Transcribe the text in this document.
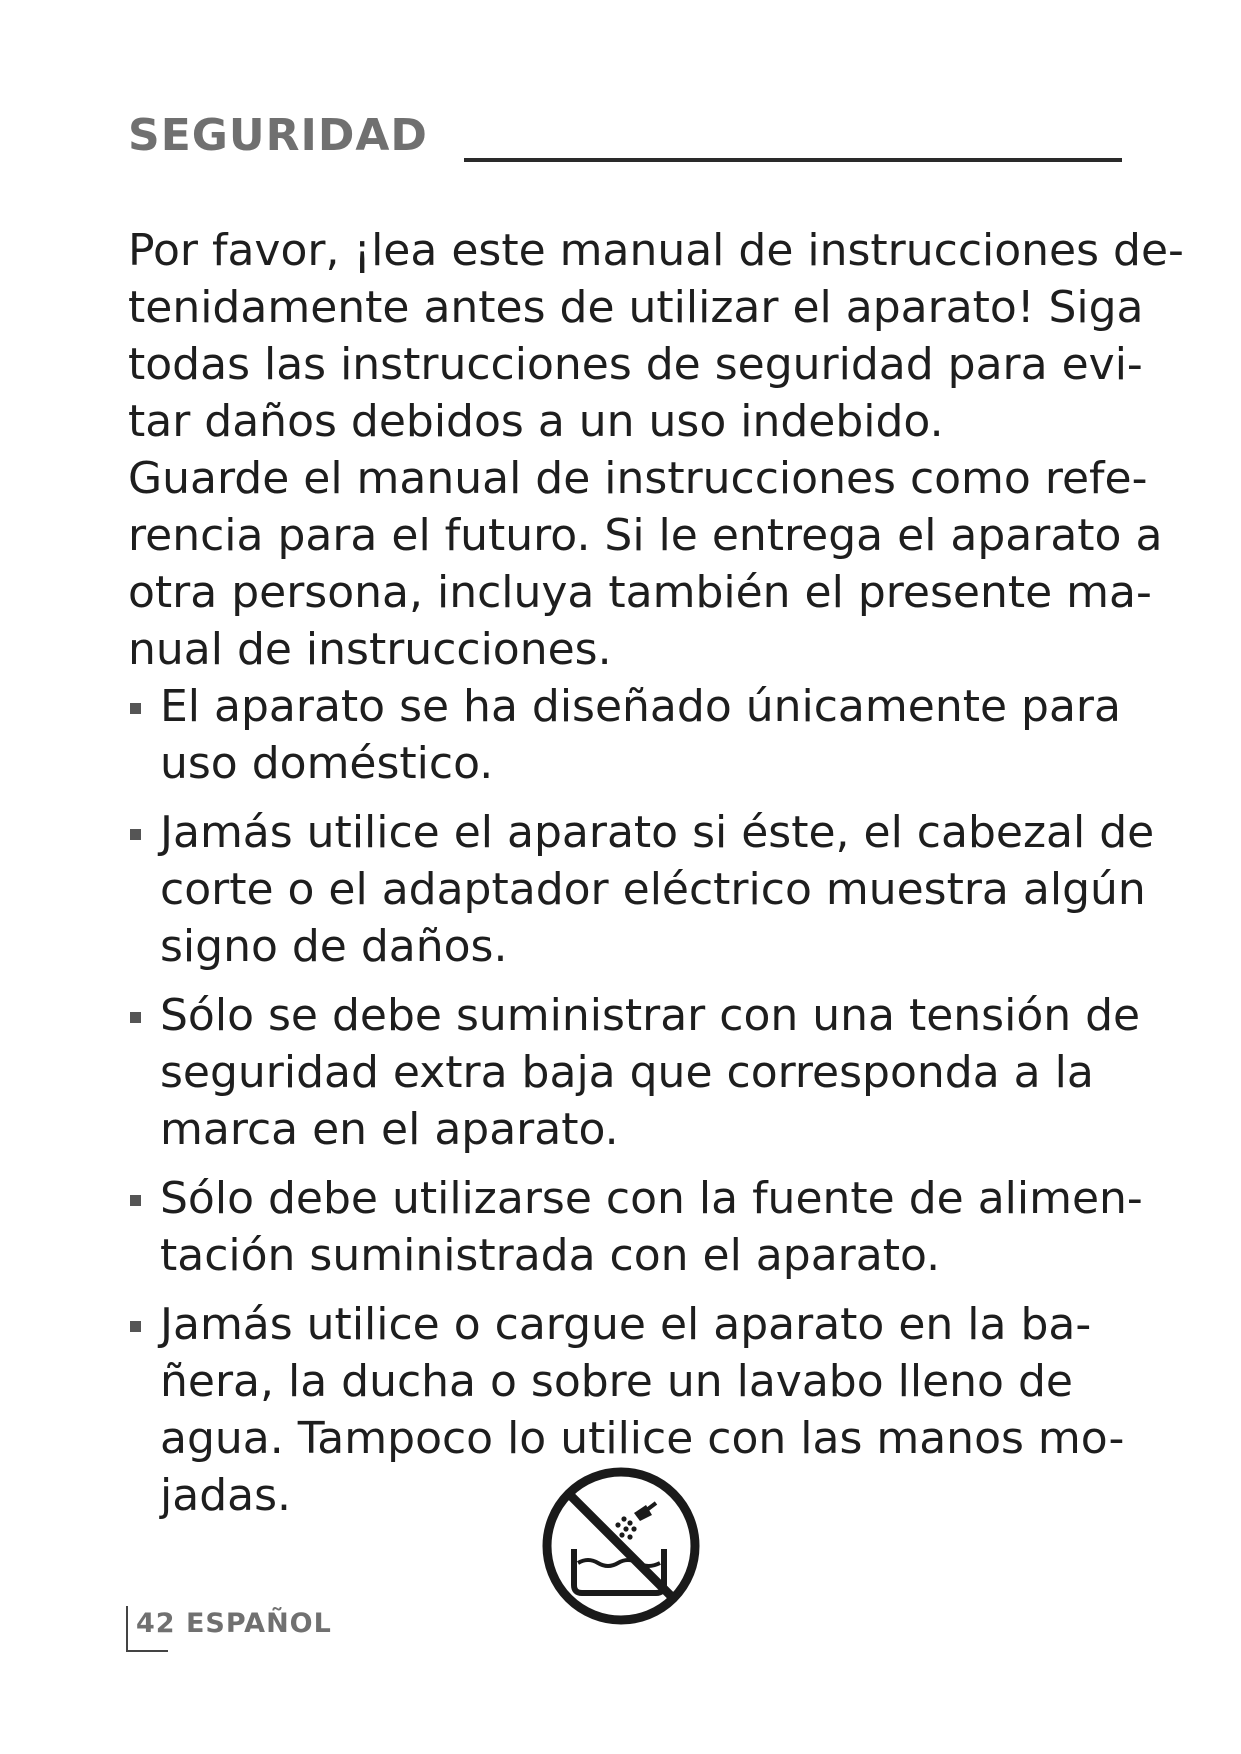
SEGURIDAD

Por favor, ¡lea este manual de instrucciones de-
tenidamente antes de utilizar el aparato! Siga
todas las instrucciones de seguridad para evi-
tar daños debidos a un uso indebido.

Guarde el manual de instrucciones como refe-
rencia para el futuro. Si le entrega el aparato a
otra persona, incluya también el presente ma-
nual de instrucciones.

El aparato se ha diseñado únicamente para
uso doméstico.
Jamás utilice el aparato si éste, el cabezal de
corte o el adaptador eléctrico muestra algún
signo de daños.
Sólo se debe suministrar con una tensión de
seguridad extra baja que corresponda a la
marca en el aparato.
Sólo debe utilizarse con la fuente de alimen-
tación suministrada con el aparato.
Jamás utilice o cargue el aparato en la ba-
ñera, la ducha o sobre un lavabo lleno de
agua. Tampoco lo utilice con las manos mo-
jadas.
42 ESPAÑOL
